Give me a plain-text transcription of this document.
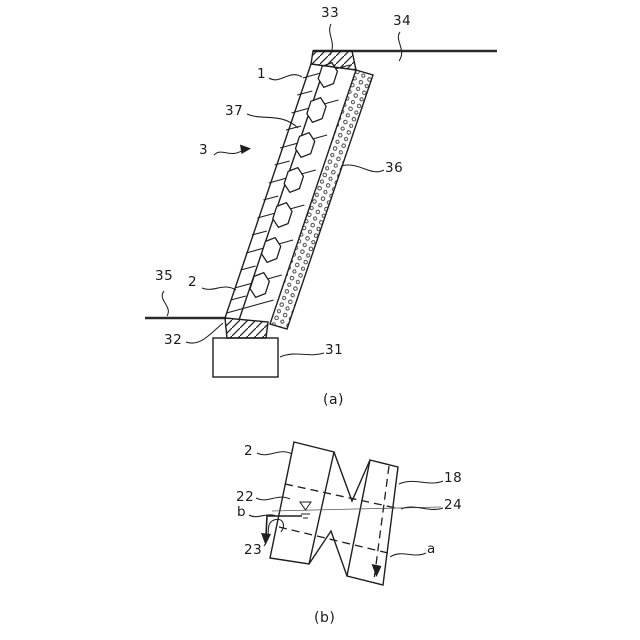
33	34
1
37
3
36
35 2
32
31
(a)
2
22
b
23
18
24
a
(b)
